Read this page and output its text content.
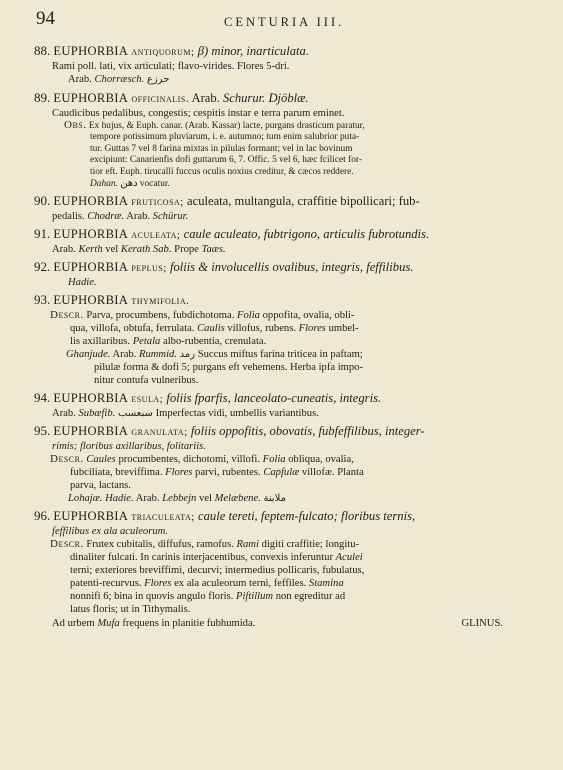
94	CENTURIA III.
88. EUPHORBIA antiquorum; β) minor, inarticulata.
Rami poll. lati, vix articulati; flavo-virides. Flores 5-dri.
Arab. Chorræsch. حرزع
89. EUPHORBIA officinalis. Arab. Schurur. Djöblæ.
Caudicibus pedalibus, congestis; cespitis instar e terra parum eminet.
Obs. Ex hujus, & Euph. canar. (Arab. Kassar) lacte, purgans drasticum paratur,
tempore potissimum pluviarum, i. e. autumno; tum enim salubrior puta-
tur. Guttas 7 vel 8 farina mixtas in pilulas formant; vel in lac bovinum
excipiunt: Canarienfis dofi guttarum 6, 7. Offic. 5 vel 6, hæc fcilicet for-
tior eft. Euph. tirucalli fuccus oculis noxius creditur, & cæcos reddere.
Dahan. دهن vocatur.
90. EUPHORBIA fruticosa; aculeata, multangula, craffitie bipollicari; fub-
pedalis. Chodræ. Arab. Schürur.
91. EUPHORBIA aculeata; caule aculeato, fubtrigono, articulis fubrotundis.
Arab. Kerth vel Kerath Sab. Prope Taæs.
92. EUPHORBIA peplus; foliis & involucellis ovalibus, integris, feffilibus.
Hadie.
93. EUPHORBIA thymifolia.
Descr. Parva, procumbens, fubdichotoma. Folia oppofita, ovalia, obli-
qua, villofa, obtufa, ferrulata. Caulis villofus, rubens. Flores umbel-
lis axillaribus. Petala albo-rubentia, crenulata.
Ghanjude. Arab. Rummid. رمد Succus miftus farina triticea in paftam;
pilulæ forma & dofi 5; purgans eft vehemens. Herba ipfa impo-
nitur contufa vulneribus.
94. EUPHORBIA esula; foliis fparfis, lanceolato-cuneatis, integris.
Arab. Subæfib. سبعسب Imperfectas vidi, umbellis variantibus.
95. EUPHORBIA granulata; foliis oppofitis, obovatis, fubfeffilibus, integer-
rimis; floribus axillaribus, folitariis.
Descr. Caules procumbentes, dichotomi, villofi. Folia obliqua, ovalia,
fubciliata, breviffima. Flores parvi, rubentes. Capfulæ villofæ. Planta
parva, lactans.
Lohajæ. Hadie. Arab. Lebbejn vel Melæbene. ملابنة
96. EUPHORBIA triaculeata; caule tereti, feptem-fulcato; floribus ternis,
feffilibus ex ala aculeorum.
Descr. Frutex cubitalis, diffufus, ramofus. Rami digiti craffitie; longitu-
dinaliter fulcati. In carinis interjacentibus, convexis inferuntur Aculei
terni; exteriores breviffimi, decurvi; intermedius pollicaris, fubulatus,
patenti-recurvus. Flores ex ala aculeorum terni, feffiles. Stamina
nonnifi 6; bina in quovis angulo floris. Piftillum non egreditur ad
latus floris; ut in Tithymalis.
Ad urbem Mufa frequens in planitie fubhumida.	GLINUS.
